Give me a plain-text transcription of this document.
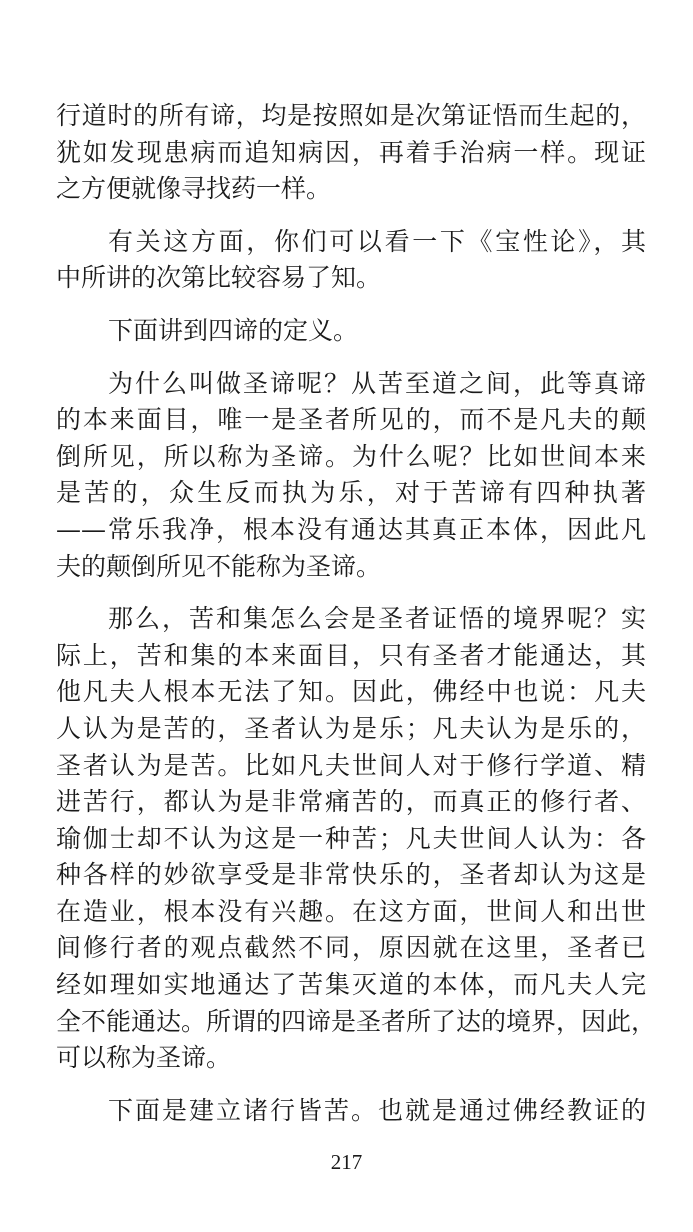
行道时的所有谛，均是按照如是次第证悟而生起的，
犹如发现患病而追知病因，再着手治病一样。现证
之方便就像寻找药一样。
有关这方面，你们可以看一下《宝性论》，其
中所讲的次第比较容易了知。
下面讲到四谛的定义。
为什么叫做圣谛呢？从苦至道之间，此等真谛
的本来面目，唯一是圣者所见的，而不是凡夫的颠
倒所见，所以称为圣谛。为什么呢？比如世间本来
是苦的，众生反而执为乐，对于苦谛有四种执著
——常乐我净，根本没有通达其真正本体，因此凡
夫的颠倒所见不能称为圣谛。
那么，苦和集怎么会是圣者证悟的境界呢？实
际上，苦和集的本来面目，只有圣者才能通达，其
他凡夫人根本无法了知。因此，佛经中也说：凡夫
人认为是苦的，圣者认为是乐；凡夫认为是乐的，
圣者认为是苦。比如凡夫世间人对于修行学道、精
进苦行，都认为是非常痛苦的，而真正的修行者、
瑜伽士却不认为这是一种苦；凡夫世间人认为：各
种各样的妙欲享受是非常快乐的，圣者却认为这是
在造业，根本没有兴趣。在这方面，世间人和出世
间修行者的观点截然不同，原因就在这里，圣者已
经如理如实地通达了苦集灭道的本体，而凡夫人完
全不能通达。所谓的四谛是圣者所了达的境界，因此，
可以称为圣谛。
下面是建立诸行皆苦。也就是通过佛经教证的
217
